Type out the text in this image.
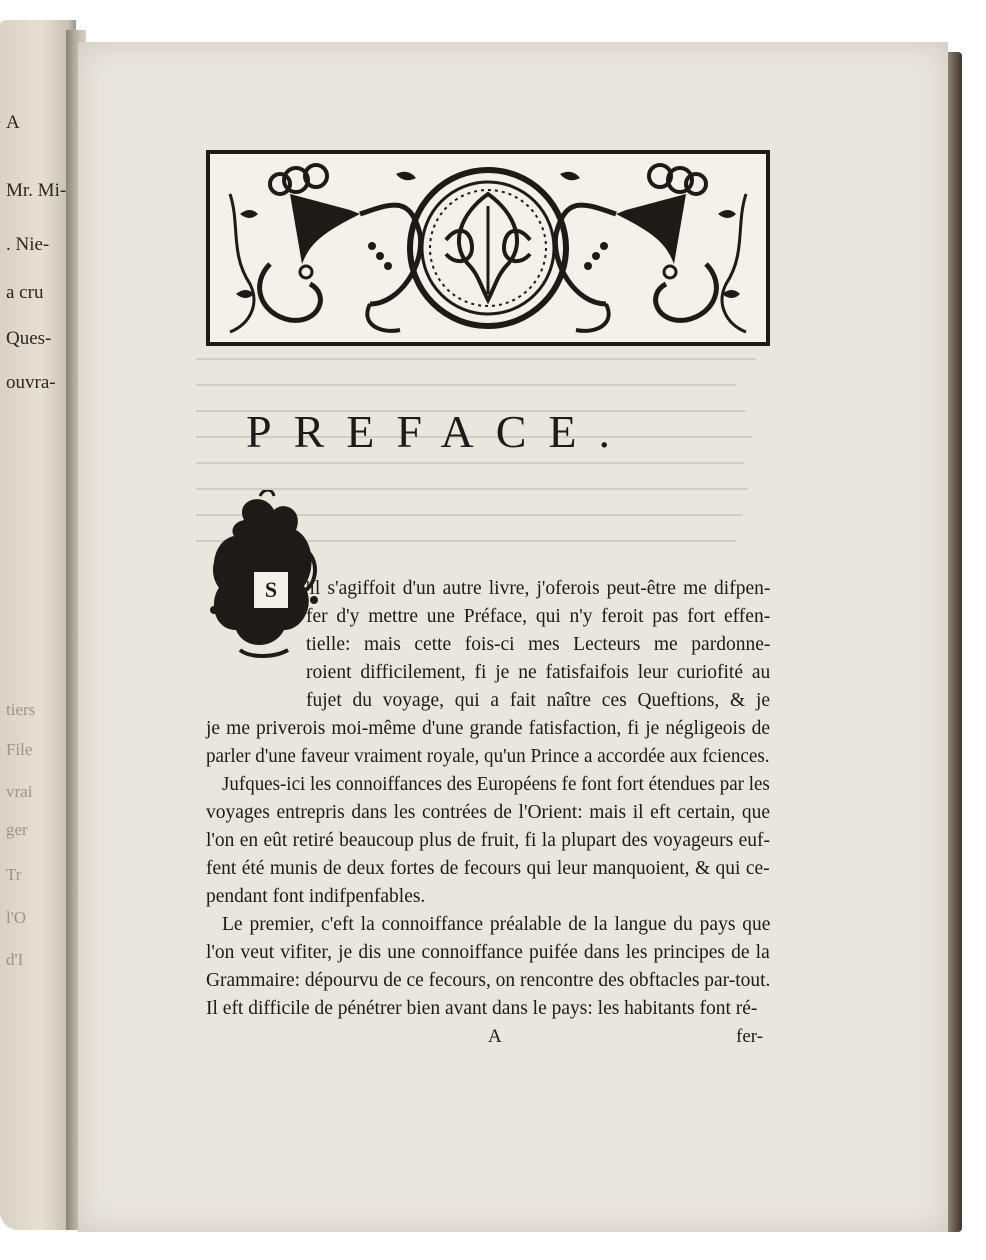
A
Mr. Mi-
. Nie-
a cru
Ques-
ouvra-
tiers
File
vrai
ger
Tr
l'O
d'I
PREFACE.
S	'il s'agiffoit d'un autre livre, j'oferois peut-être me difpen-
fer d'y mettre une Préface, qui n'y feroit pas fort effen-
tielle: mais cette fois-ci mes Lecteurs me pardonne-
roient difficilement, fi je ne fatisfaifois leur curiofité au
fujet du voyage, qui a fait naître ces Queftions, & je
je me priverois moi-même d'une grande fatisfaction, fi je négligeois de
parler d'une faveur vraiment royale, qu'un Prince a accordée aux fciences.
Jufques-ici les connoiffances des Européens fe font fort étendues par les
voyages entrepris dans les contrées de l'Orient: mais il eft certain, que
l'on en eût retiré beaucoup plus de fruit, fi la plupart des voyageurs euf-
fent été munis de deux fortes de fecours qui leur manquoient, & qui ce-
pendant font indifpenfables.
Le premier, c'eft la connoiffance préalable de la langue du pays que
l'on veut vifiter, je dis une connoiffance puifée dans les principes de la
Grammaire: dépourvu de ce fecours, on rencontre des obftacles par-tout.
Il eft difficile de pénétrer bien avant dans le pays: les habitants font ré-
A	fer-
